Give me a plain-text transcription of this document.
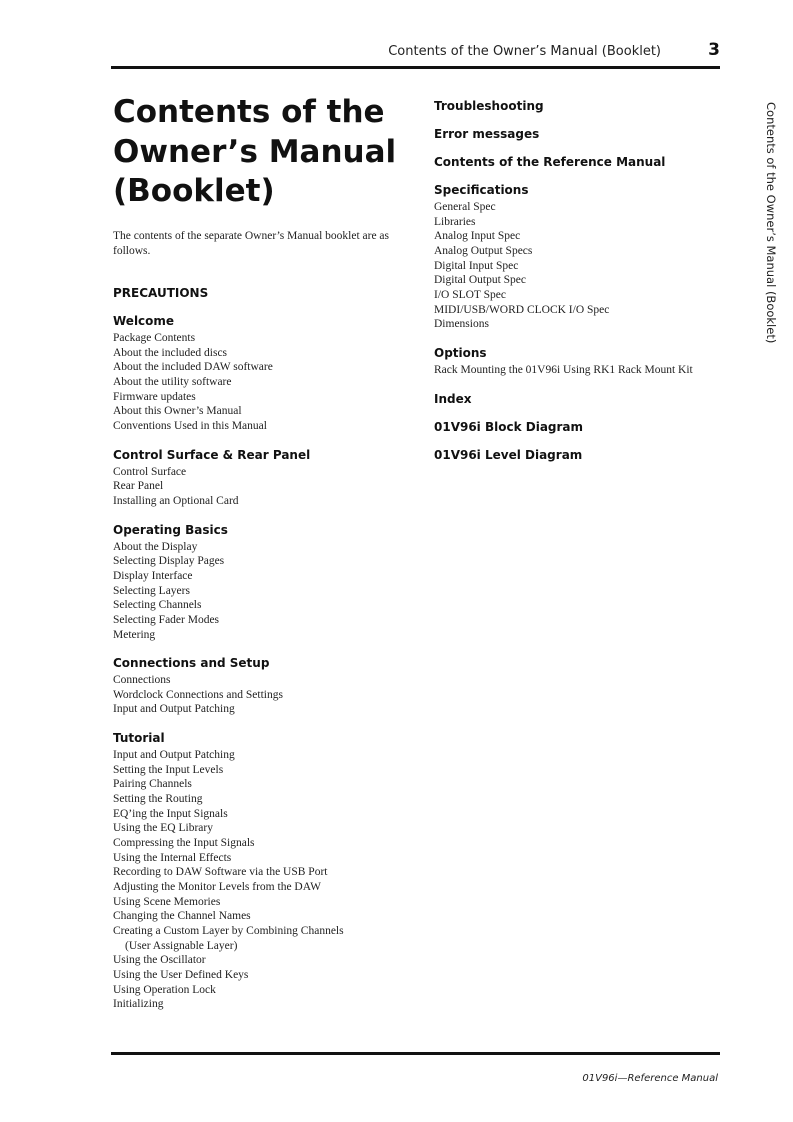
Contents of the Owner’s Manual (Booklet)	3
Contents of the Owner’s Manual (Booklet)
Contents of the
Owner’s Manual
(Booklet)

The contents of the separate Owner’s Manual booklet are as follows.

PRECAUTIONS
Welcome
Package Contents
About the included discs
About the included DAW software
About the utility software
Firmware updates
About this Owner’s Manual
Conventions Used in this Manual
Control Surface & Rear Panel
Control Surface
Rear Panel
Installing an Optional Card
Operating Basics
About the Display
Selecting Display Pages
Display Interface
Selecting Layers
Selecting Channels
Selecting Fader Modes
Metering
Connections and Setup
Connections
Wordclock Connections and Settings
Input and Output Patching
Tutorial
Input and Output Patching
Setting the Input Levels
Pairing Channels
Setting the Routing
EQ’ing the Input Signals
Using the EQ Library
Compressing the Input Signals
Using the Internal Effects
Recording to DAW Software via the USB Port
Adjusting the Monitor Levels from the DAW
Using Scene Memories
Changing the Channel Names
Creating a Custom Layer by Combining Channels
(User Assignable Layer)
Using the Oscillator
Using the User Defined Keys
Using Operation Lock
Initializing
Troubleshooting
Error messages
Contents of the Reference Manual
Specifications
General Spec
Libraries
Analog Input Spec
Analog Output Specs
Digital Input Spec
Digital Output Spec
I/O SLOT Spec
MIDI/USB/WORD CLOCK I/O Spec
Dimensions
Options
Rack Mounting the 01V96i Using RK1 Rack Mount Kit
Index
01V96i Block Diagram
01V96i Level Diagram
01V96i—Reference Manual
